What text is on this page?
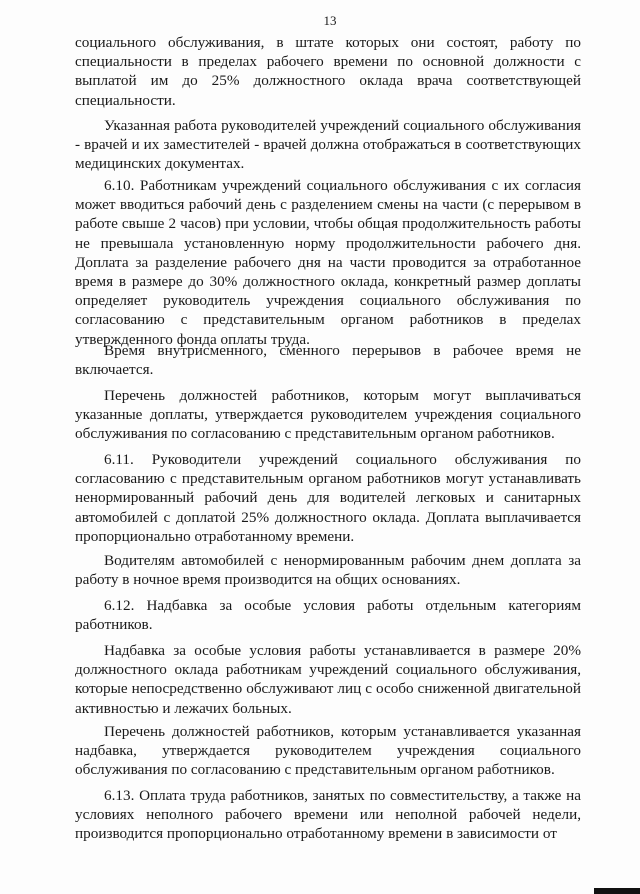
13

социального обслуживания, в штате которых они состоят, работу по специальности в пределах рабочего времени по основной должности с выплатой им до 25% должностного оклада врача соответствующей специальности.

Указанная работа руководителей учреждений социального обслуживания - врачей и их заместителей - врачей должна отображаться в соответствующих медицинских документах.

6.10. Работникам учреждений социального обслуживания с их согласия может вводиться рабочий день с разделением смены на части (с перерывом в работе свыше 2 часов) при условии, чтобы общая продолжительность работы не превышала установленную норму продолжительности рабочего дня. Доплата за разделение рабочего дня на части проводится за отработанное время в размере до 30% должностного оклада, конкретный размер доплаты определяет руководитель учреждения социального обслуживания по согласованию с представительным органом работников в пределах утвержденного фонда оплаты труда.

Время внутрисменного, сменного перерывов в рабочее время не включается.

Перечень должностей работников, которым могут выплачиваться указанные доплаты, утверждается руководителем учреждения социального обслуживания по согласованию с представительным органом работников.

6.11. Руководители учреждений социального обслуживания по согласованию с представительным органом работников могут устанавливать ненормированный рабочий день для водителей легковых и санитарных автомобилей с доплатой 25% должностного оклада. Доплата выплачивается пропорционально отработанному времени.

Водителям автомобилей с ненормированным рабочим днем доплата за работу в ночное время производится на общих основаниях.

6.12. Надбавка за особые условия работы отдельным категориям работников.

Надбавка за особые условия работы устанавливается в размере 20% должностного оклада работникам учреждений социального обслуживания, которые непосредственно обслуживают лиц с особо сниженной двигательной активностью и лежачих больных.

Перечень должностей работников, которым устанавливается указанная надбавка, утверждается руководителем учреждения социального обслуживания по согласованию с представительным органом работников.

6.13. Оплата труда работников, занятых по совместительству, а также на условиях неполного рабочего времени или неполной рабочей недели, производится пропорционально отработанному времени в зависимости от
